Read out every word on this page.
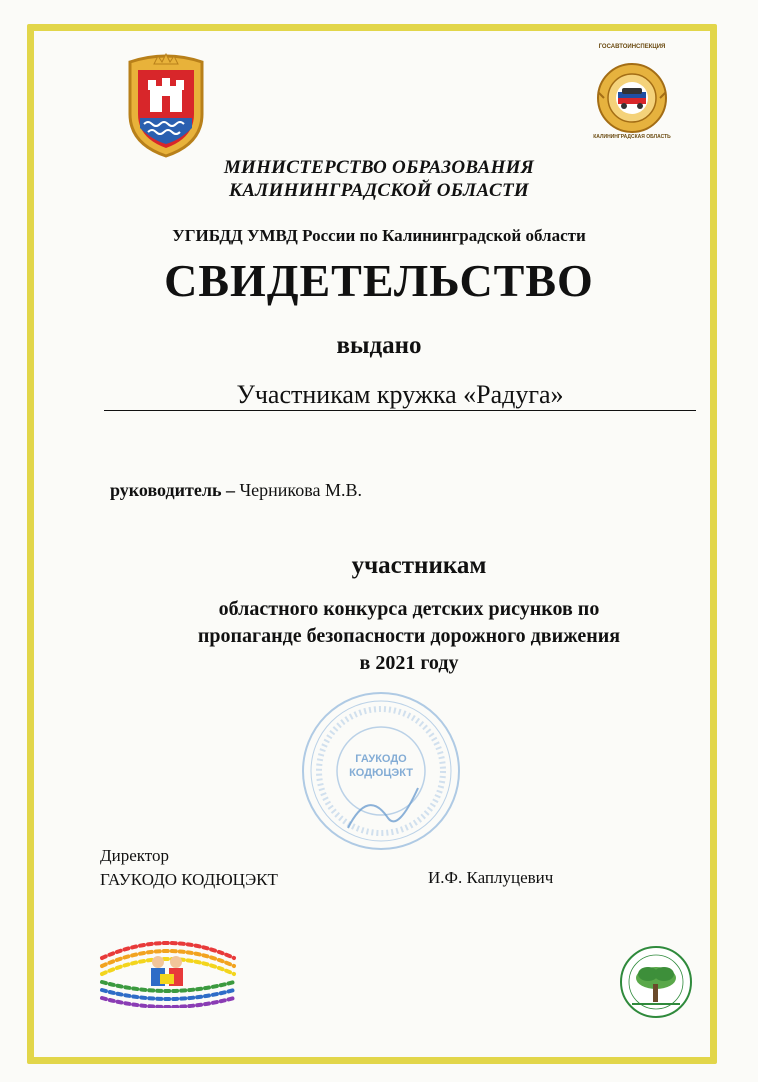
ГОСАВТОИНСПЕКЦИЯ
КАЛИНИНГРАДСКАЯ ОБЛАСТЬ
МИНИСТЕРСТВО ОБРАЗОВАНИЯ
КАЛИНИНГРАДСКОЙ ОБЛАСТИ
УГИБДД УМВД России по Калининградской области
СВИДЕТЕЛЬСТВО
выдано
Участникам кружка «Радуга»
руководитель – Черникова М.В.
участникам
областного конкурса детских рисунков по
пропаганде безопасности дорожного движения
в 2021 году
ГАУКОДО
КОДЮЦЭКТ
Директор
ГАУКОДО КОДЮЦЭКТ	И.Ф. Каплуцевич
